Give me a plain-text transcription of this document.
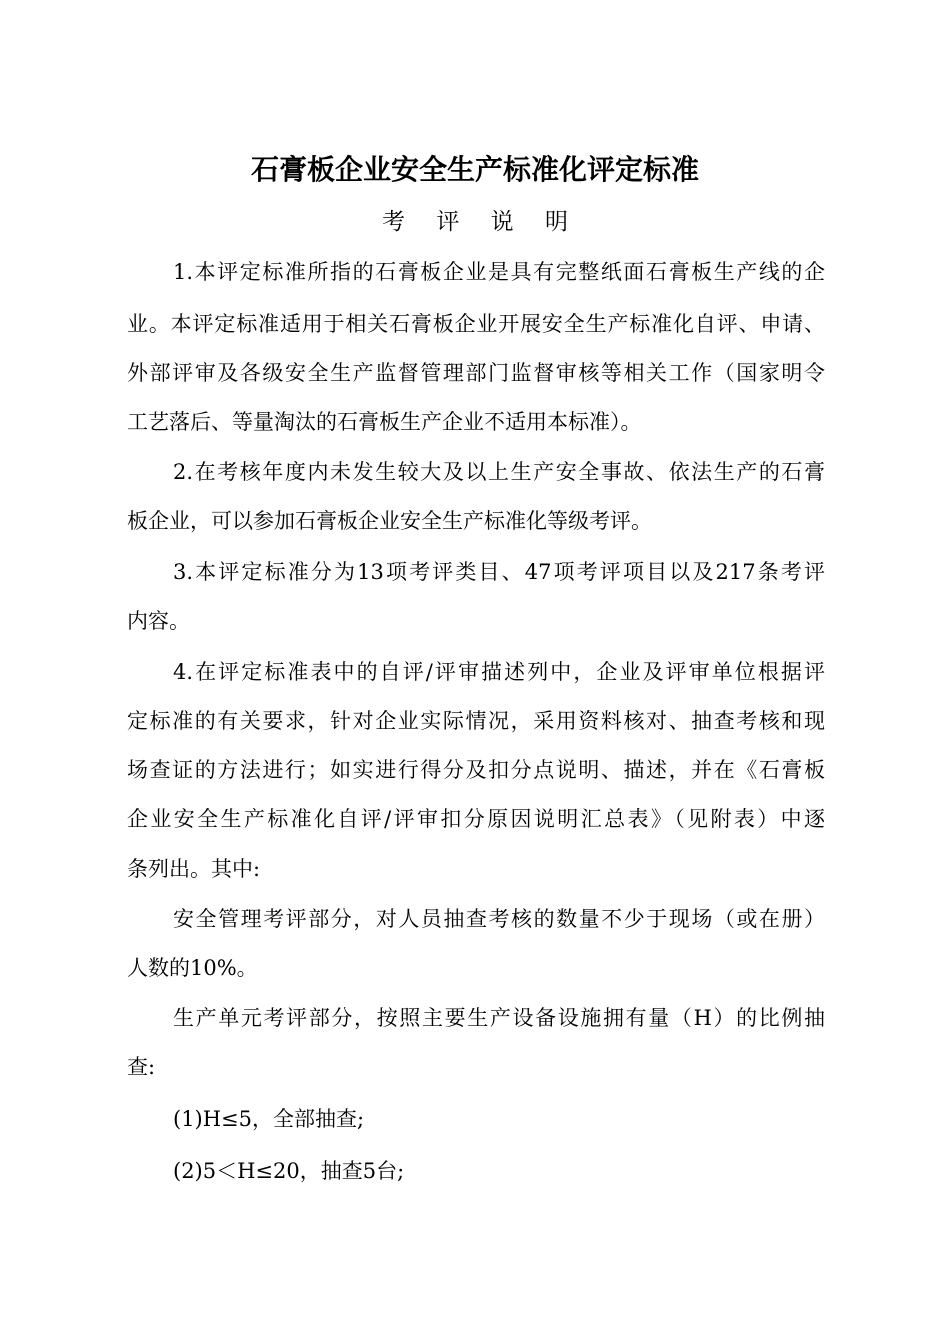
石膏板企业安全生产标准化评定标准
考 评 说 明
1.本评定标准所指的石膏板企业是具有完整纸面石膏板生产线的企
业。本评定标准适用于相关石膏板企业开展安全生产标准化自评、申请、
外部评审及各级安全生产监督管理部门监督审核等相关工作（国家明令
工艺落后、等量淘汰的石膏板生产企业不适用本标准）。
2.在考核年度内未发生较大及以上生产安全事故、依法生产的石膏
板企业，可以参加石膏板企业安全生产标准化等级考评。
3.本评定标准分为13项考评类目、47项考评项目以及217条考评
内容。
4.在评定标准表中的自评/评审描述列中，企业及评审单位根据评
定标准的有关要求，针对企业实际情况，采用资料核对、抽查考核和现
场查证的方法进行；如实进行得分及扣分点说明、描述，并在《石膏板
企业安全生产标准化自评/评审扣分原因说明汇总表》（见附表）中逐
条列出。其中:
安全管理考评部分，对人员抽查考核的数量不少于现场（或在册）
人数的10%。
生产单元考评部分，按照主要生产设备设施拥有量（H）的比例抽
查:
(1)H≤5，全部抽查;
(2)5＜H≤20，抽查5台;
